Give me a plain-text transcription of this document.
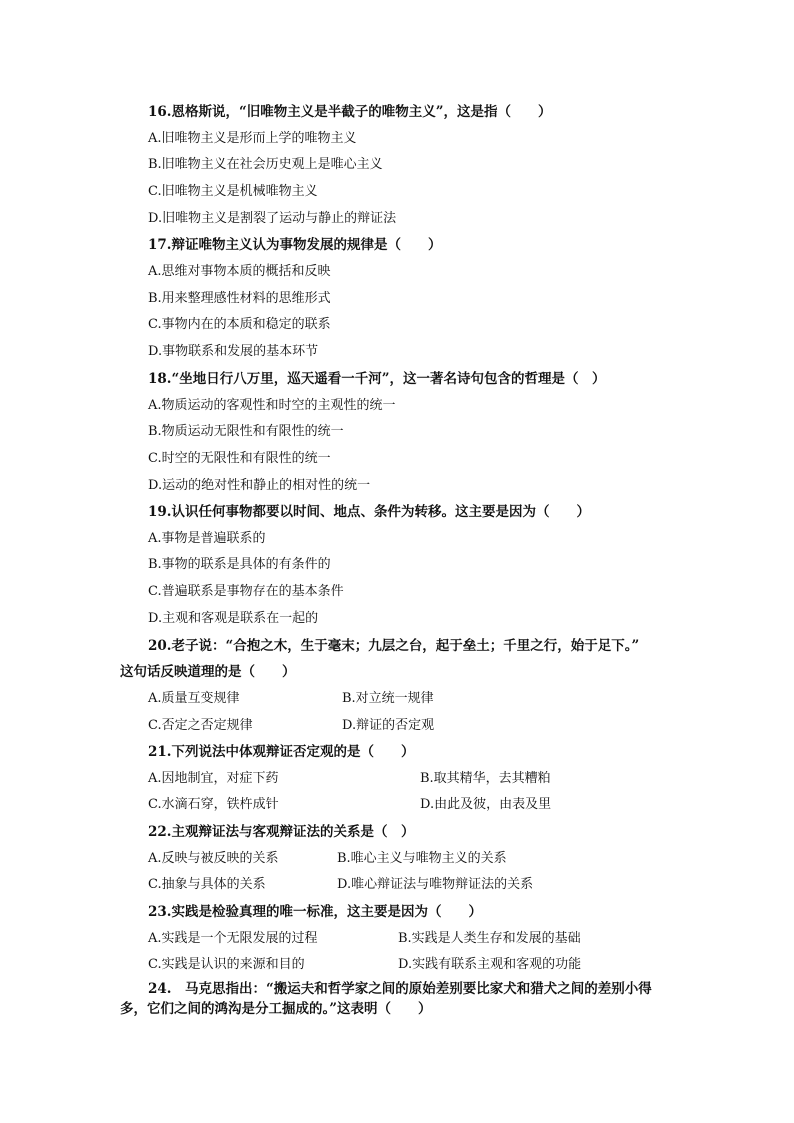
16.恩格斯说，“旧唯物主义是半截子的唯物主义”，这是指（　　）
A.旧唯物主义是形而上学的唯物主义
B.旧唯物主义在社会历史观上是唯心主义
C.旧唯物主义是机械唯物主义
D.旧唯物主义是割裂了运动与静止的辩证法
17.辩证唯物主义认为事物发展的规律是（　　）
A.思维对事物本质的概括和反映
B.用来整理感性材料的思维形式
C.事物内在的本质和稳定的联系
D.事物联系和发展的基本环节
18.“坐地日行八万里，巡天遥看一千河”，这一著名诗句包含的哲理是（　）
A.物质运动的客观性和时空的主观性的统一
B.物质运动无限性和有限性的统一
C.时空的无限性和有限性的统一
D.运动的绝对性和静止的相对性的统一
19.认识任何事物都要以时间、地点、条件为转移。这主要是因为（　　）
A.事物是普遍联系的
B.事物的联系是具体的有条件的
C.普遍联系是事物存在的基本条件
D.主观和客观是联系在一起的
20.老子说：“合抱之木，生于毫末；九层之台，起于垒土；千里之行，始于足下。”
这句话反映道理的是（　　）
A.质量互变规律	B.对立统一规律
C.否定之否定规律	D.辩证的否定观
21.下列说法中体观辩证否定观的是（　　）
A.因地制宜，对症下药	B.取其精华，去其糟粕
C.水滴石穿，铁杵成针	D.由此及彼，由表及里
22.主观辩证法与客观辩证法的关系是（　）
A.反映与被反映的关系	B.唯心主义与唯物主义的关系
C.抽象与具体的关系	D.唯心辩证法与唯物辩证法的关系
23.实践是检验真理的唯一标准，这主要是因为（　　）
A.实践是一个无限发展的过程	B.实践是人类生存和发展的基础
C.实践是认识的来源和目的	D.实践有联系主观和客观的功能
24.　马克思指出：“搬运夫和哲学家之间的原始差别要比家犬和猎犬之间的差别小得
多，它们之间的鸿沟是分工掘成的。”这表明（　　）
